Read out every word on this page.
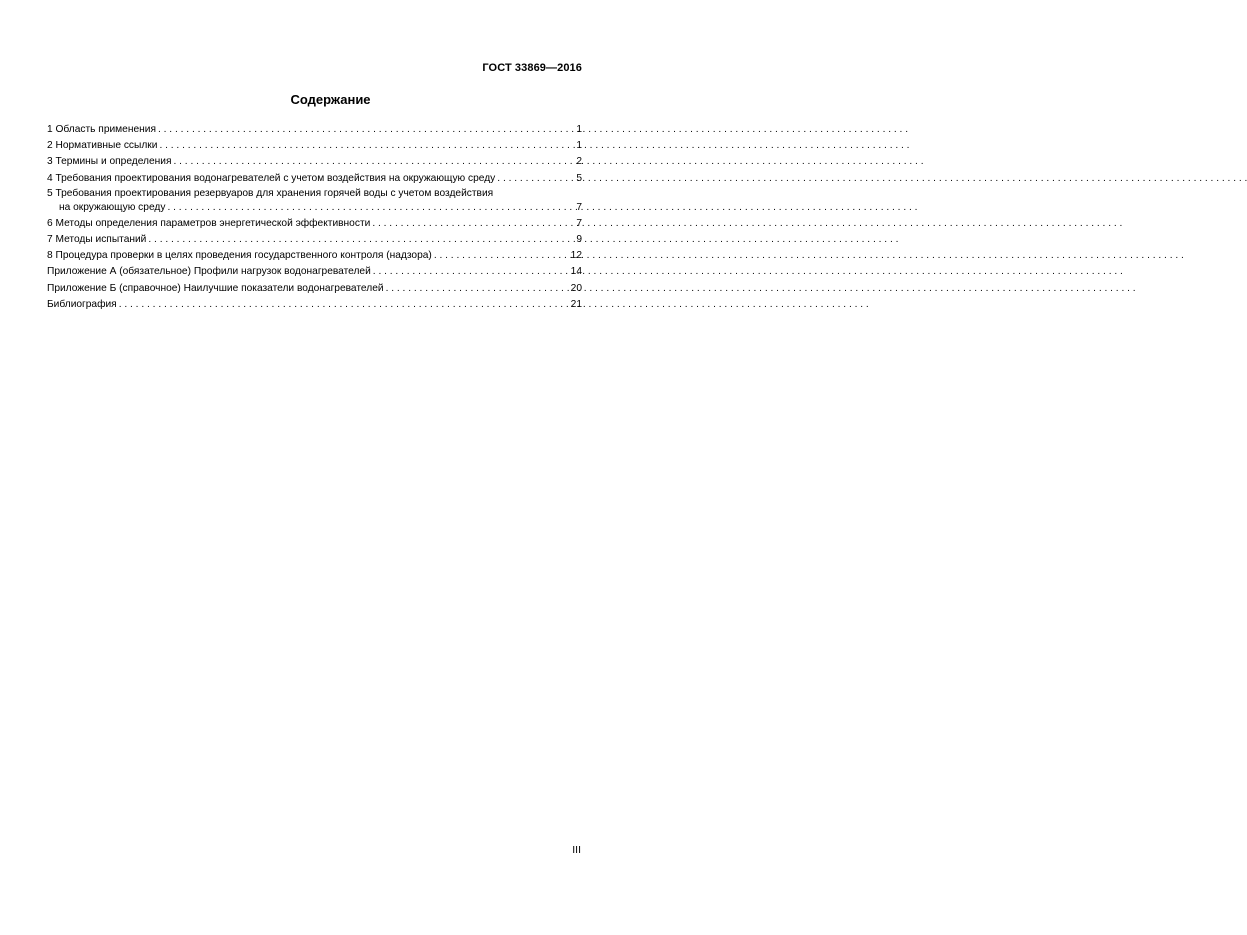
ГОСТ 33869—2016
Содержание
1 Область применения . . .	1
2 Нормативные ссылки . . .	1
3 Термины и определения . . .	2
4 Требования проектирования водонагревателей с учетом воздействия на окружающую среду . . .	5
5 Требования проектирования резервуаров для хранения горячей воды с учетом воздействия
на окружающую среду . . .	7
6 Методы определения параметров энергетической эффективности . . .	7
7 Методы испытаний . . .	9
8 Процедура проверки в целях проведения государственного контроля (надзора) . . .	12
Приложение А (обязательное) Профили нагрузок водонагревателей . . .	14
Приложение Б (справочное) Наилучшие показатели водонагревателей . . .	20
Библиография . . .	21
III
